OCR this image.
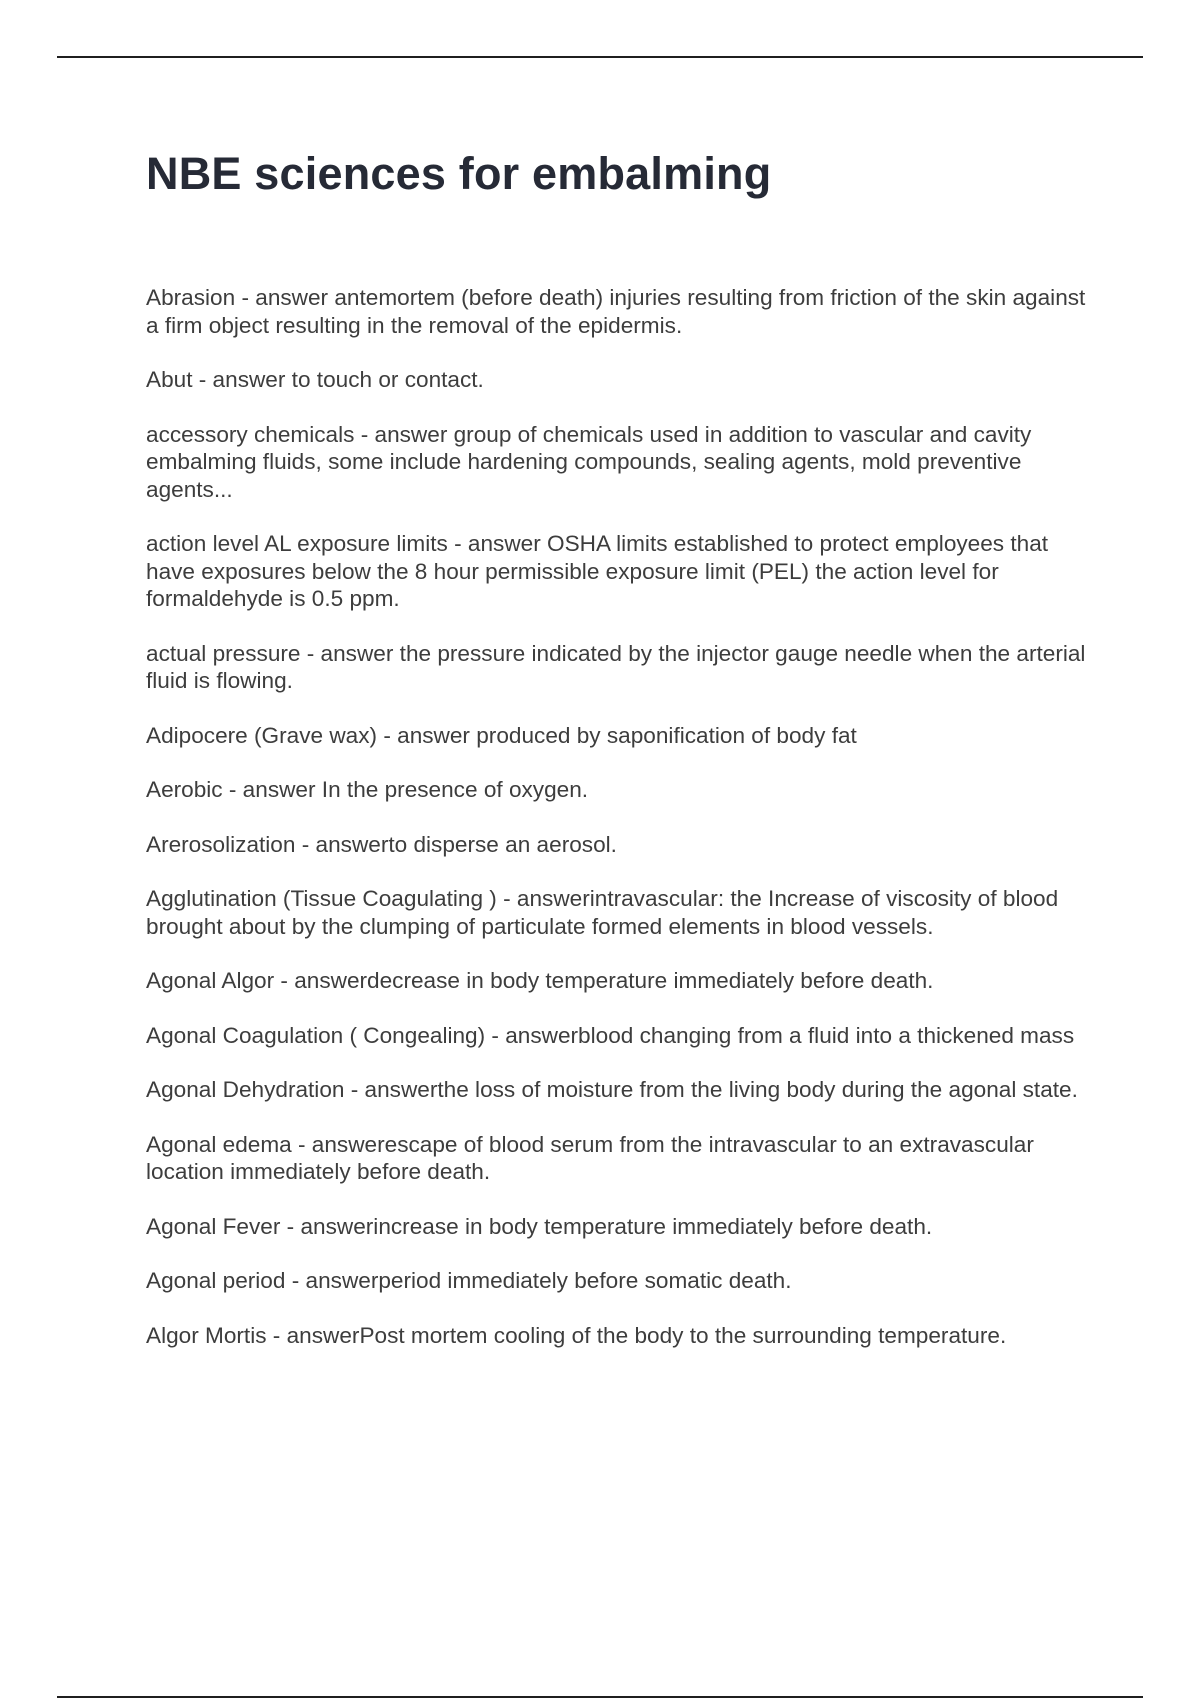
NBE sciences for embalming
Abrasion - answer antemortem (before death) injuries resulting from friction of the skin against a firm object resulting in the removal of the epidermis.
Abut - answer to touch or contact.
accessory chemicals - answer group of chemicals used in addition to vascular and cavity embalming fluids, some include hardening compounds, sealing agents, mold preventive agents...
action level AL exposure limits - answer OSHA limits established to protect employees that have exposures below the 8 hour permissible exposure limit (PEL) the action level for formaldehyde is 0.5 ppm.
actual pressure - answer the pressure indicated by the injector gauge needle when the arterial fluid is flowing.
Adipocere (Grave wax) - answer produced by saponification of body fat
Aerobic - answer In the presence of oxygen.
Arerosolization - answerto disperse an aerosol.
Agglutination (Tissue Coagulating ) - answerintravascular: the Increase of viscosity of blood brought about by the clumping of particulate formed elements in blood vessels.
Agonal Algor - answerdecrease in body temperature immediately before death.
Agonal Coagulation ( Congealing) - answerblood changing from a fluid into a thickened mass
Agonal Dehydration - answerthe loss of moisture from the living body during the agonal state.
Agonal edema - answerescape of blood serum from the intravascular to an extravascular location immediately before death.
Agonal Fever - answerincrease in body temperature immediately before death.
Agonal period - answerperiod immediately before somatic death.
Algor Mortis - answerPost mortem cooling of the body to the surrounding temperature.
